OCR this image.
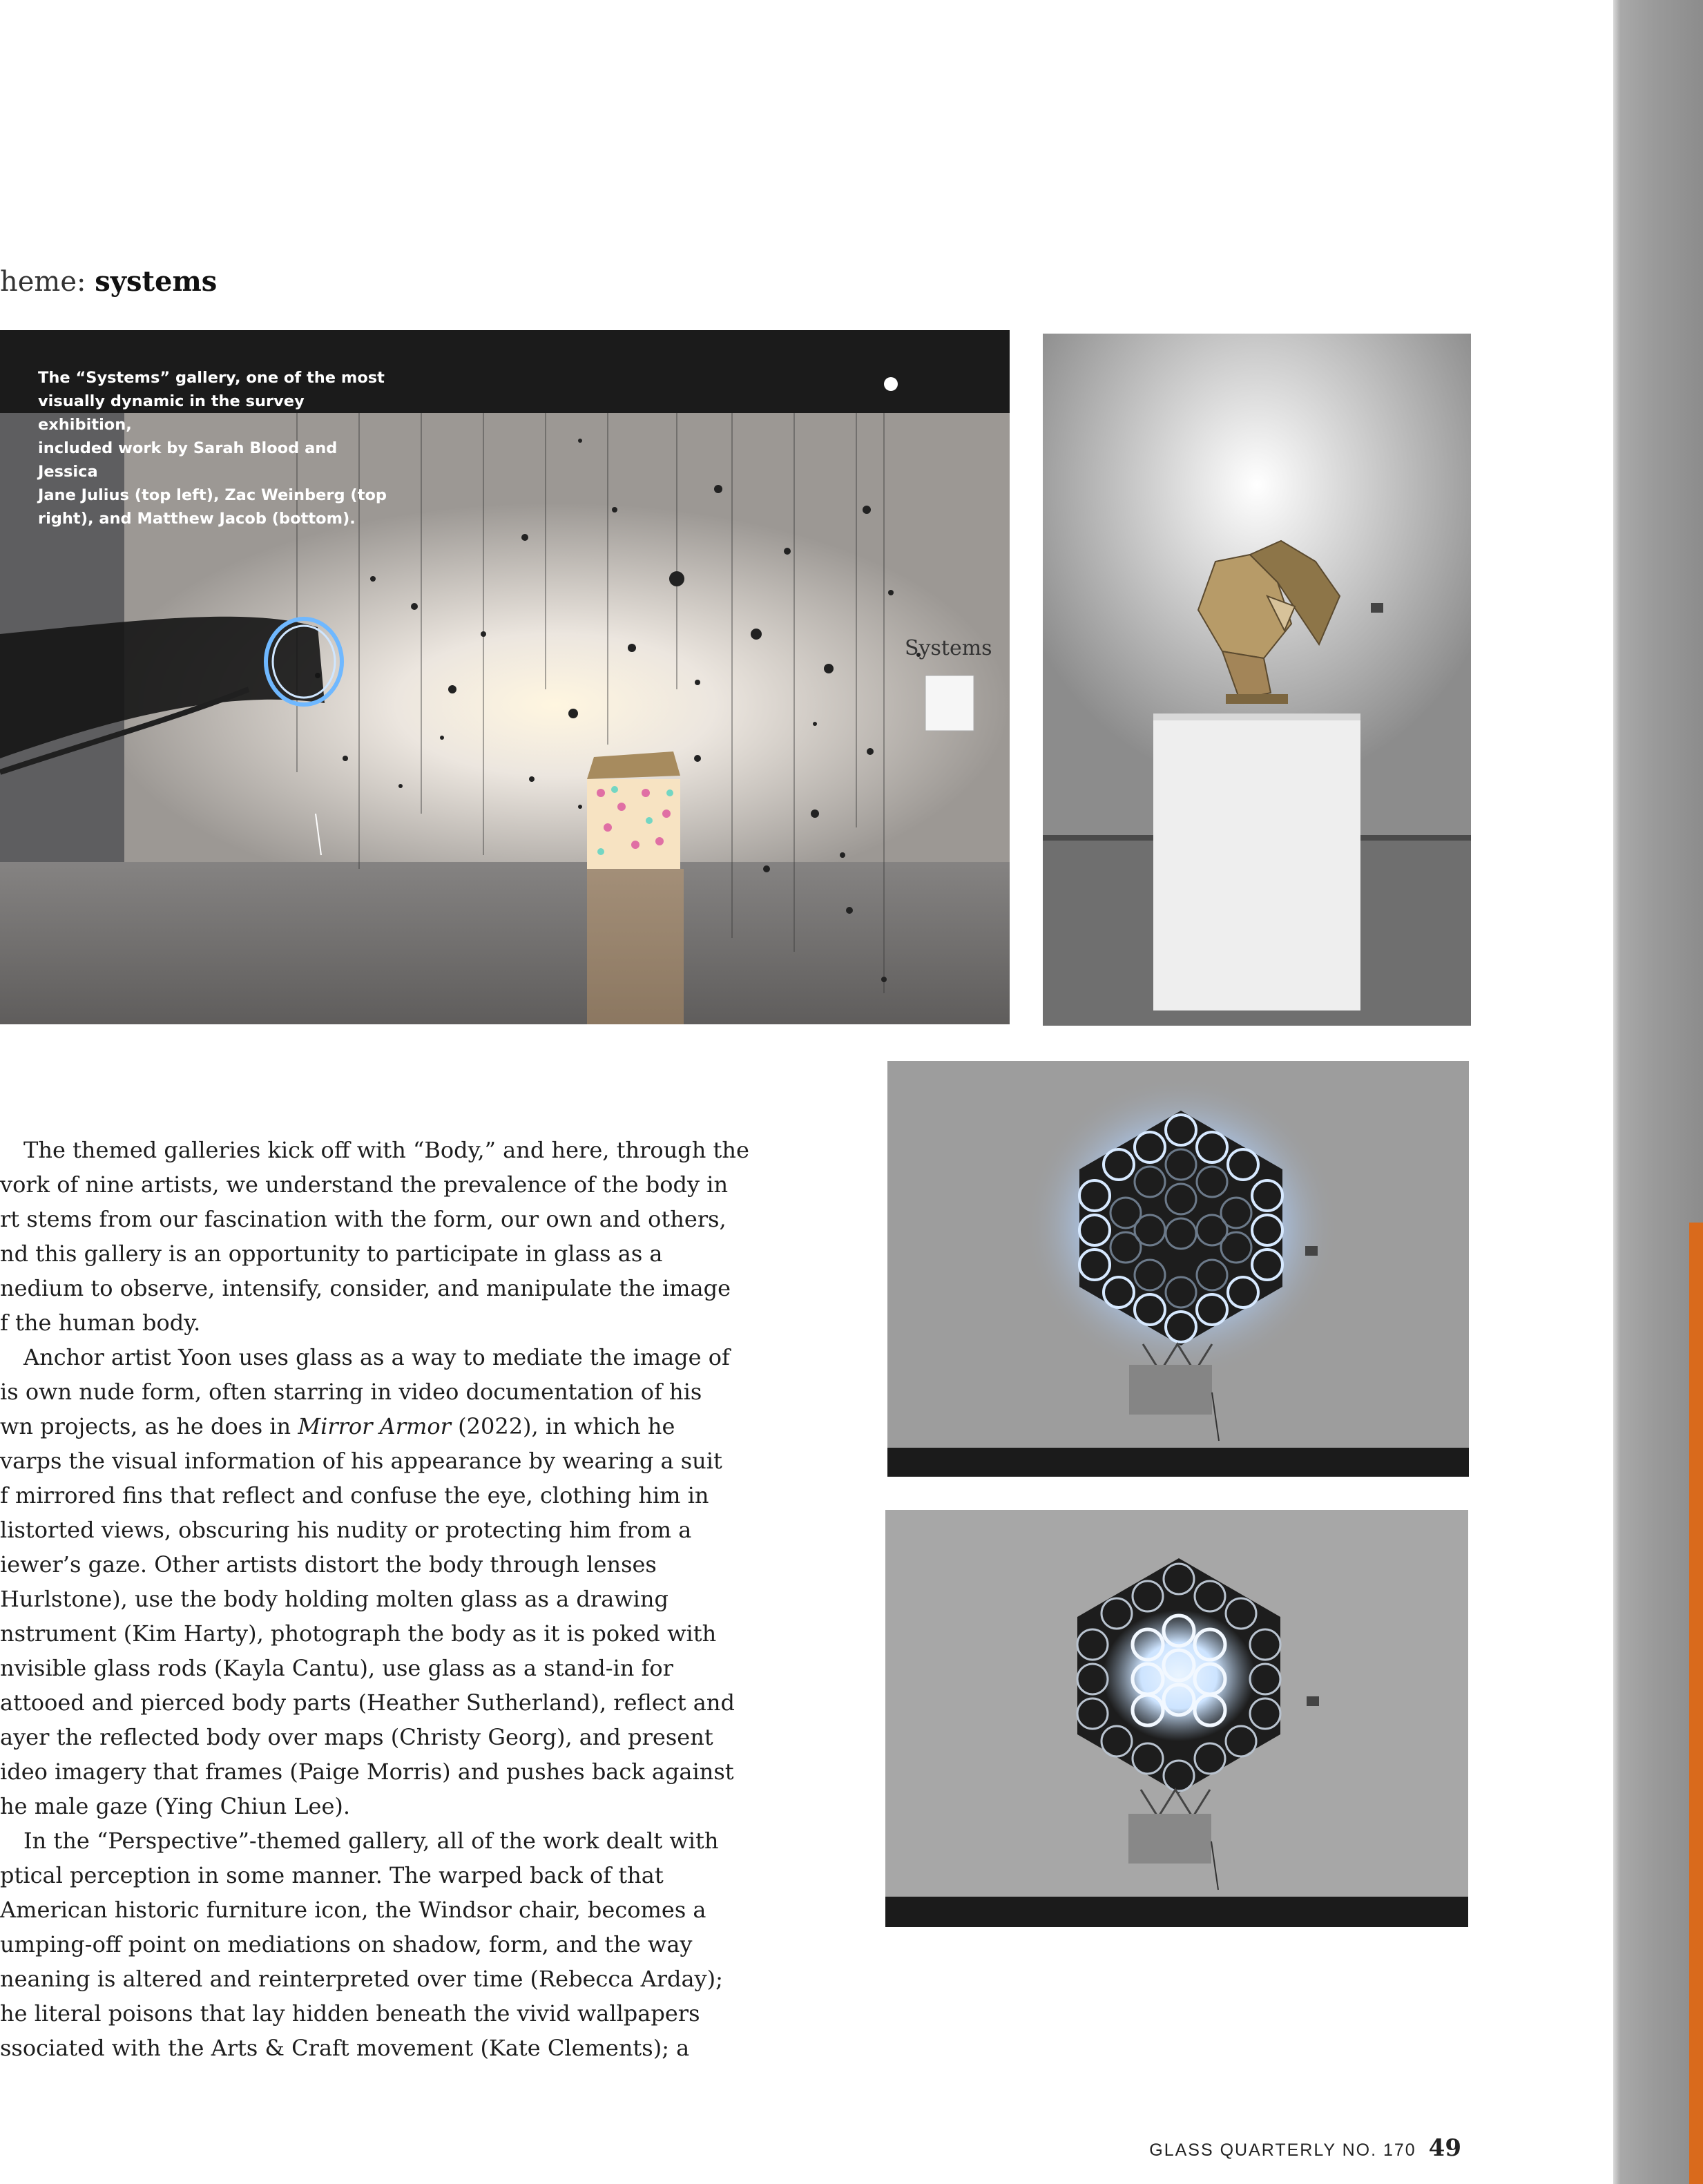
heme: systems
Systems
The “Systems” gallery, one of the most
visually dynamic in the survey exhibition,
included work by Sarah Blood and Jessica
Jane Julius (top left), Zac Weinberg (top
right), and Matthew Jacob (bottom).

The themed galleries kick off with “Body,” and here, through the
vork of nine artists, we understand the prevalence of the body in
rt stems from our fascination with the form, our own and others,
nd this gallery is an opportunity to participate in glass as a
nedium to observe, intensify, consider, and manipulate the image
f the human body.

Anchor artist Yoon uses glass as a way to mediate the image of
is own nude form, often starring in video documentation of his
wn projects, as he does in Mirror Armor (2022), in which he
varps the visual information of his appearance by wearing a suit
f mirrored fins that reflect and confuse the eye, clothing him in
listorted views, obscuring his nudity or protecting him from a
iewer’s gaze. Other artists distort the body through lenses
Hurlstone), use the body holding molten glass as a drawing
nstrument (Kim Harty), photograph the body as it is poked with
nvisible glass rods (Kayla Cantu), use glass as a stand-in for
attooed and pierced body parts (Heather Sutherland), reflect and
ayer the reflected body over maps (Christy Georg), and present
ideo imagery that frames (Paige Morris) and pushes back against
he male gaze (Ying Chiun Lee).

In the “Perspective”-themed gallery, all of the work dealt with
ptical perception in some manner. The warped back of that
American historic furniture icon, the Windsor chair, becomes a
umping-off point on mediations on shadow, form, and the way
neaning is altered and reinterpreted over time (Rebecca Arday);
he literal poisons that lay hidden beneath the vivid wallpapers
ssociated with the Arts & Craft movement (Kate Clements); a

GLASS QUARTERLY NO. 170 49
